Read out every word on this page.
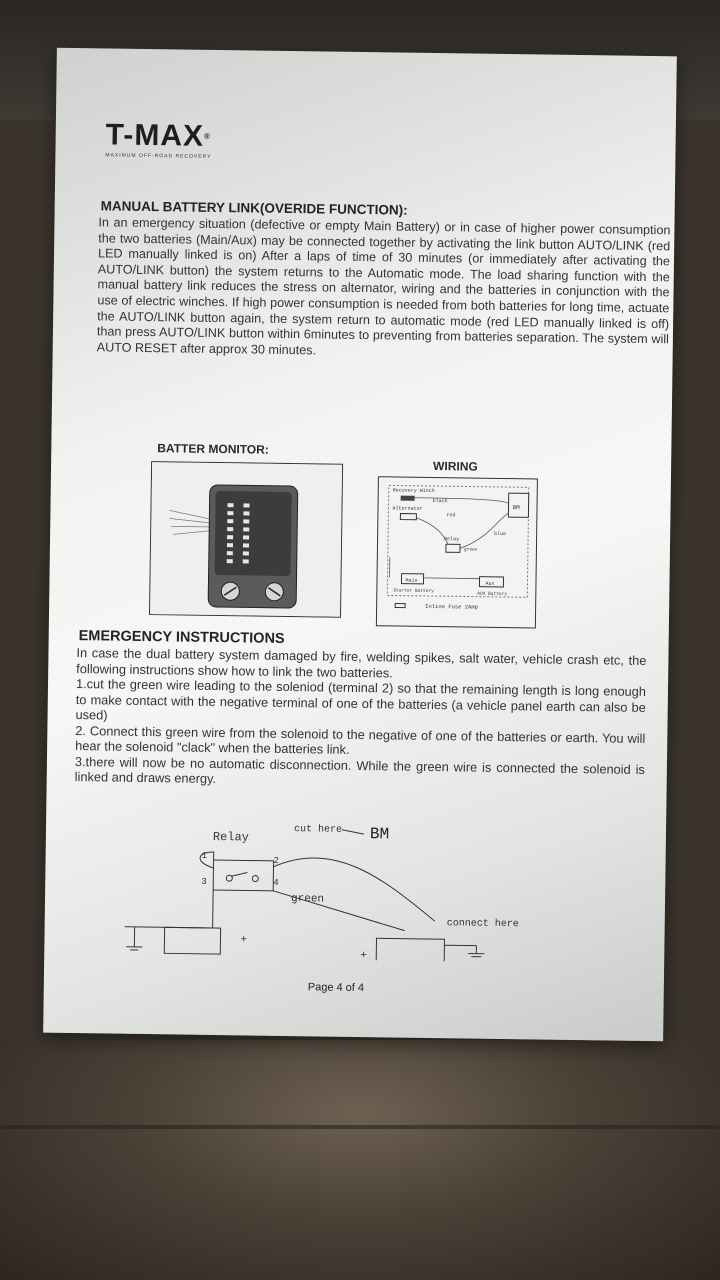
T-MAX®
MAXIMUM OFF-ROAD RECOVERY
MANUAL BATTERY LINK(OVERIDE FUNCTION):

In an emergency situation (defective or empty Main Battery) or in case of higher power consumption the two batteries (Main/Aux) may be connected together by activating the link button AUTO/LINK (red LED manually linked is on) After a laps of time of 30 minutes (or immediately after activating the AUTO/LINK button) the system returns to the Automatic mode. The load sharing function with the manual battery link reduces the stress on alternator, wiring and the batteries in conjunction with the use of electric winches. If high power consumption is needed from both batteries for long time, actuate the AUTO/LINK button again, the system return to automatic mode (red LED manually linked is off) than press AUTO/LINK button within 6minutes to preventing from batteries separation. The system will AUTO RESET after approx 30 minutes.

BATTER MONITOR:
WIRING
Recovery Winch
black
BM
Alternator
red
blue
Relay
green
Main
Starter Battery
Aux
AUX Battery
Inline Fuse 2Amp
EMERGENCY INSTRUCTIONS

In case the dual battery system damaged by fire, welding spikes, salt water, vehicle crash etc, the following instructions show how to link the two batteries.

1.cut the green wire leading to the soleniod (terminal 2) so that the remaining length is long enough to make contact with the negative terminal of one of the batteries (a vehicle panel earth can also be used)

2. Connect this green wire from the solenoid to the negative of one of the batteries or earth. You will hear the solenoid "clack" when the batteries link.

3.there will now be no automatic disconnection. While the green wire is connected the solenoid is linked and draws energy.

cut here BM
Relay
1
3
2
4
green
connect here
+
+
Page 4 of 4
